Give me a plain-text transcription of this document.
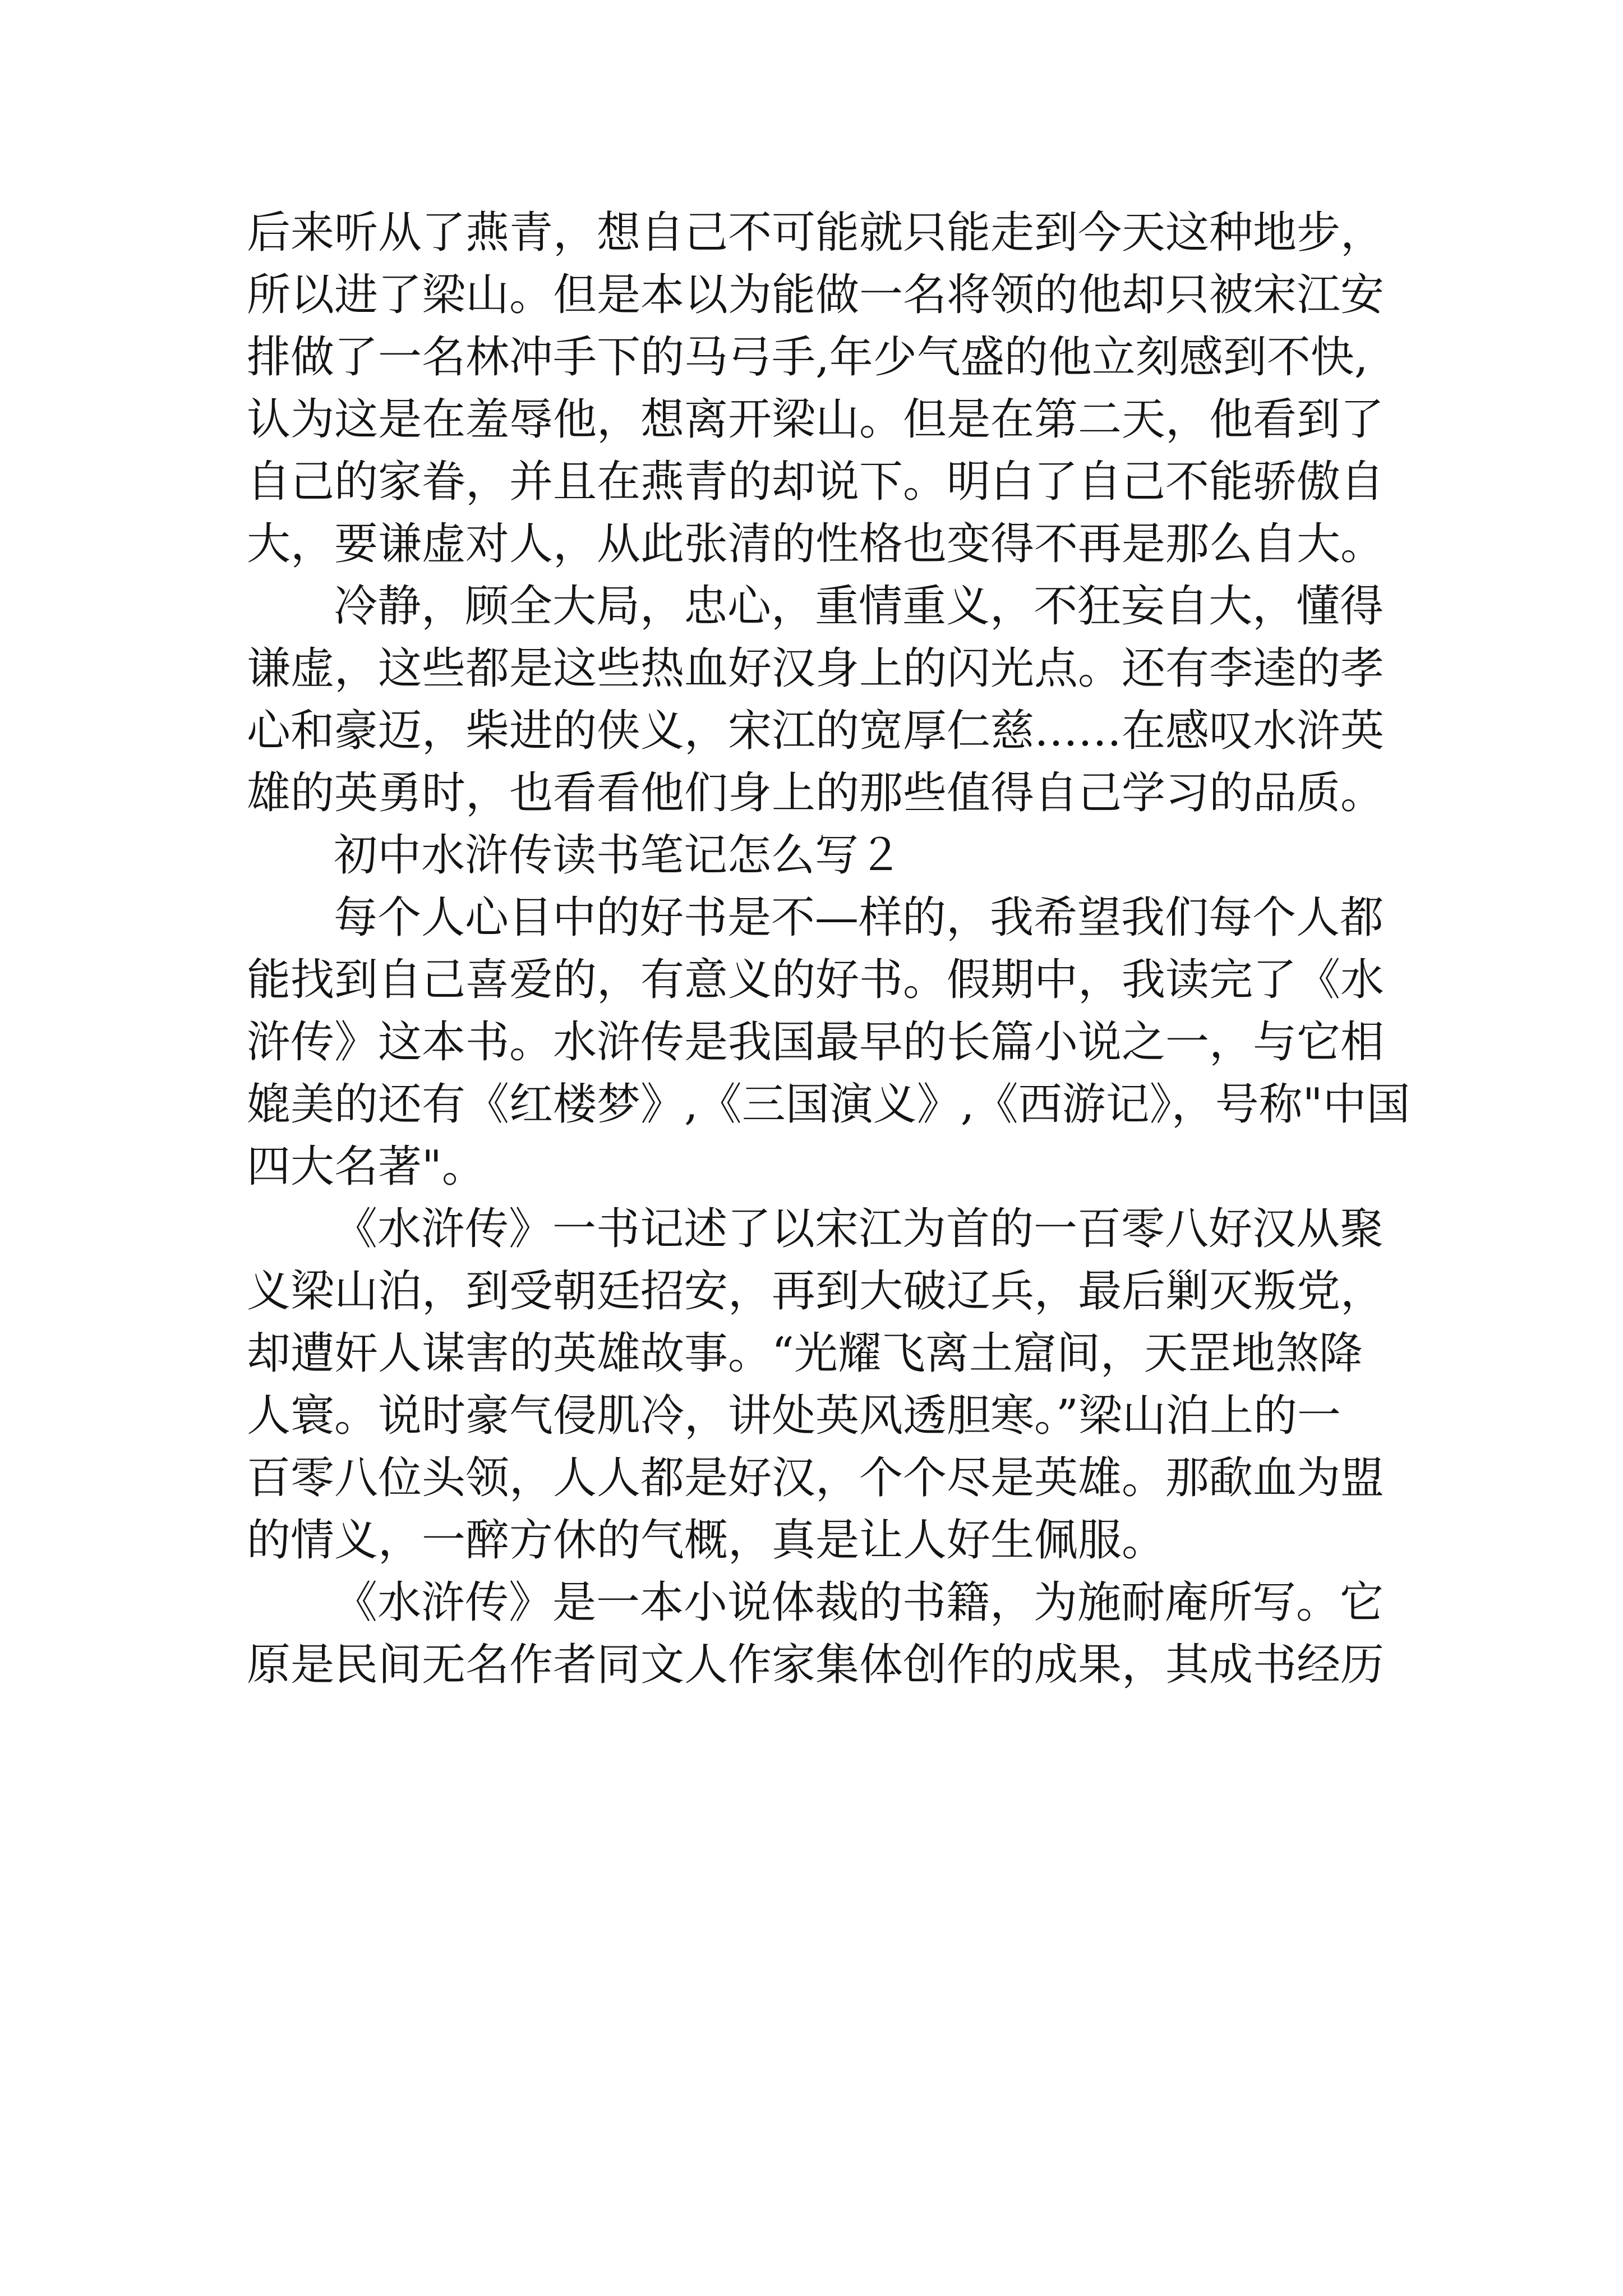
后来听从了燕青，想自己不可能就只能走到今天这种地步，
所以进了梁山。但是本以为能做一名将领的他却只被宋江安
排做了一名林冲手下的马弓手,年少气盛的他立刻感到不快,
认为这是在羞辱他，想离开梁山。但是在第二天，他看到了
自己的家眷，并且在燕青的却说下。明白了自己不能骄傲自
大，要谦虚对人，从此张清的性格也变得不再是那么自大。
冷静，顾全大局，忠心，重情重义，不狂妄自大，懂得
谦虚，这些都是这些热血好汉身上的闪光点。还有李逵的孝
心和豪迈，柴进的侠义，宋江的宽厚仁慈……在感叹水浒英
雄的英勇时，也看看他们身上的那些值得自己学习的品质。
初中水浒传读书笔记怎么写２
每个人心目中的好书是不—样的，我希望我们每个人都
能找到自己喜爱的，有意义的好书。假期中，我读完了《水
浒传》这本书。水浒传是我国最早的长篇小说之一，与它相
媲美的还有《红楼梦》,《三国演义》,《西游记》，号称"中国
四大名著"。
《水浒传》一书记述了以宋江为首的一百零八好汉从聚
义梁山泊，到受朝廷招安，再到大破辽兵，最后剿灭叛党，
却遭奸人谋害的英雄故事。“光耀飞离土窟间，天罡地煞降
人寰。说时豪气侵肌冷，讲处英风透胆寒。”梁山泊上的一
百零八位头领，人人都是好汉，个个尽是英雄。那歃血为盟
的情义，一醉方休的气概，真是让人好生佩服。
《水浒传》是一本小说体裁的书籍，为施耐庵所写。它
原是民间无名作者同文人作家集体创作的成果，其成书经历
